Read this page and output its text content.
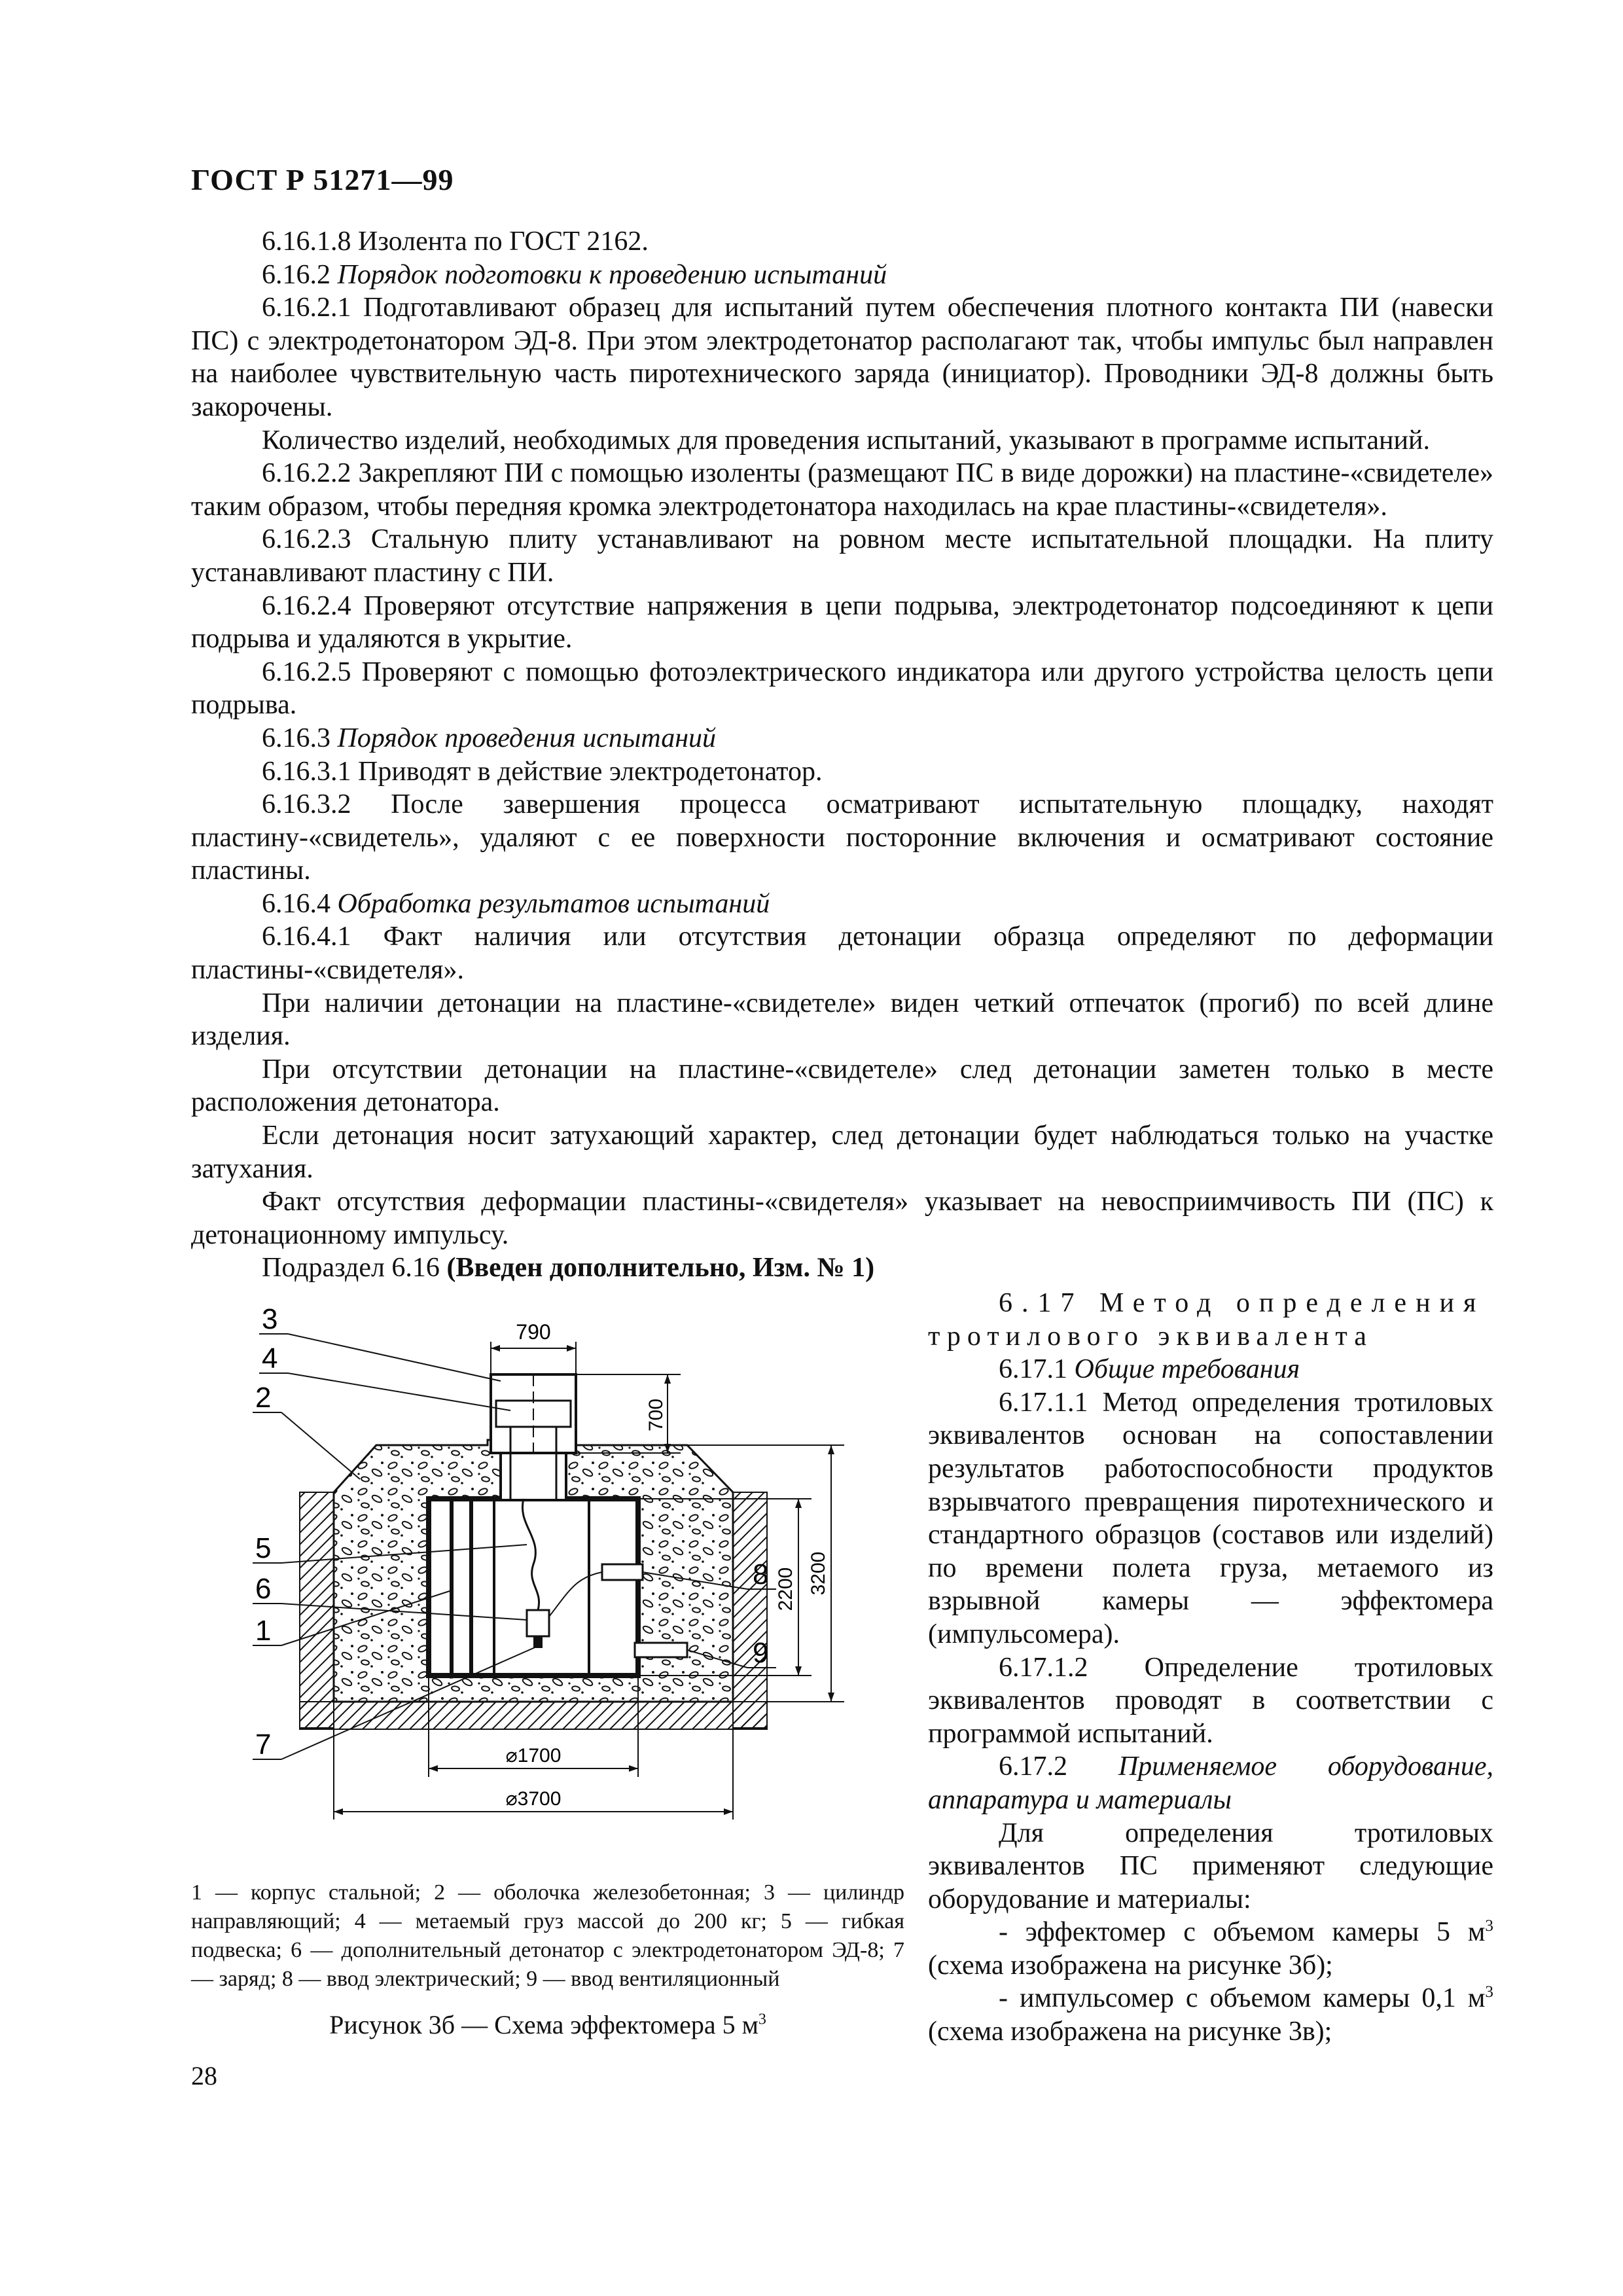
ГОСТ Р 51271—99

6.16.1.8 Изолента по ГОСТ 2162.

6.16.2 Порядок подготовки к проведению испытаний

6.16.2.1 Подготавливают образец для испытаний путем обеспечения плотного контакта ПИ (навески ПС) с электродетонатором ЭД-8. При этом электродетонатор располагают так, чтобы импульс был направлен на наиболее чувствительную часть пиротехнического заряда (инициатор). Проводники ЭД-8 должны быть закорочены.

Количество изделий, необходимых для проведения испытаний, указывают в программе испытаний.

6.16.2.2 Закрепляют ПИ с помощью изоленты (размещают ПС в виде дорожки) на пластине-«свидетеле» таким образом, чтобы передняя кромка электродетонатора находилась на крае пластины-«свидетеля».

6.16.2.3 Стальную плиту устанавливают на ровном месте испытательной площадки. На плиту устанавливают пластину с ПИ.

6.16.2.4 Проверяют отсутствие напряжения в цепи подрыва, электродетонатор подсоединяют к цепи подрыва и удаляются в укрытие.

6.16.2.5 Проверяют с помощью фотоэлектрического индикатора или другого устройства целость цепи подрыва.

6.16.3 Порядок проведения испытаний

6.16.3.1 Приводят в действие электродетонатор.

6.16.3.2 После завершения процесса осматривают испытательную площадку, находят пластину-«свидетель», удаляют с ее поверхности посторонние включения и осматривают состояние пластины.

6.16.4 Обработка результатов испытаний

6.16.4.1 Факт наличия или отсутствия детонации образца определяют по деформации пластины-«свидетеля».

При наличии детонации на пластине-«свидетеле» виден четкий отпечаток (прогиб) по всей длине изделия.

При отсутствии детонации на пластине-«свидетеле» след детонации заметен только в месте расположения детонатора.

Если детонация носит затухающий характер, след детонации будет наблюдаться только на участке затухания.

Факт отсутствия деформации пластины-«свидетеля» указывает на невосприимчивость ПИ (ПС) к детонационному импульсу.

Подраздел 6.16 (Введен дополнительно, Изм. № 1)

790
700
2200 3200
⌀1700
⌀3700
3
4
2
5
6
1
7
8
9
1 — корпус стальной; 2 — оболочка железобетонная; 3 — цилиндр направляющий; 4 — метаемый груз массой до 200 кг; 5 — гибкая подвеска; 6 — дополнительный детонатор с электродетонатором ЭД-8; 7 — заряд; 8 — ввод электрический; 9 — ввод вентиляционный
Рисунок 3б — Схема эффектомера 5 $м^3$

6.17 Метод определения

тротилового эквивалента

6.17.1 Общие требования

6.17.1.1 Метод определения тротиловых эквивалентов основан на сопоставлении результатов работоспособности продуктов взрывчатого превращения пиротехнического и стандартного образцов (составов или изделий) по времени полета груза, метаемого из взрывной камеры — эффектомера (импульсомера).

6.17.1.2 Определение тротиловых эквивалентов проводят в соответствии с программой испытаний.

6.17.2 Применяемое оборудование, аппаратура и материалы

Для определения тротиловых эквивалентов ПС применяют следующие оборудование и материалы:

- эффектомер с объемом камеры 5 $м^3$ (схема изображена на рисунке 3б);

- импульсомер с объемом камеры 0,1 $м^3$ (схема изображена на рисунке 3в);

28
